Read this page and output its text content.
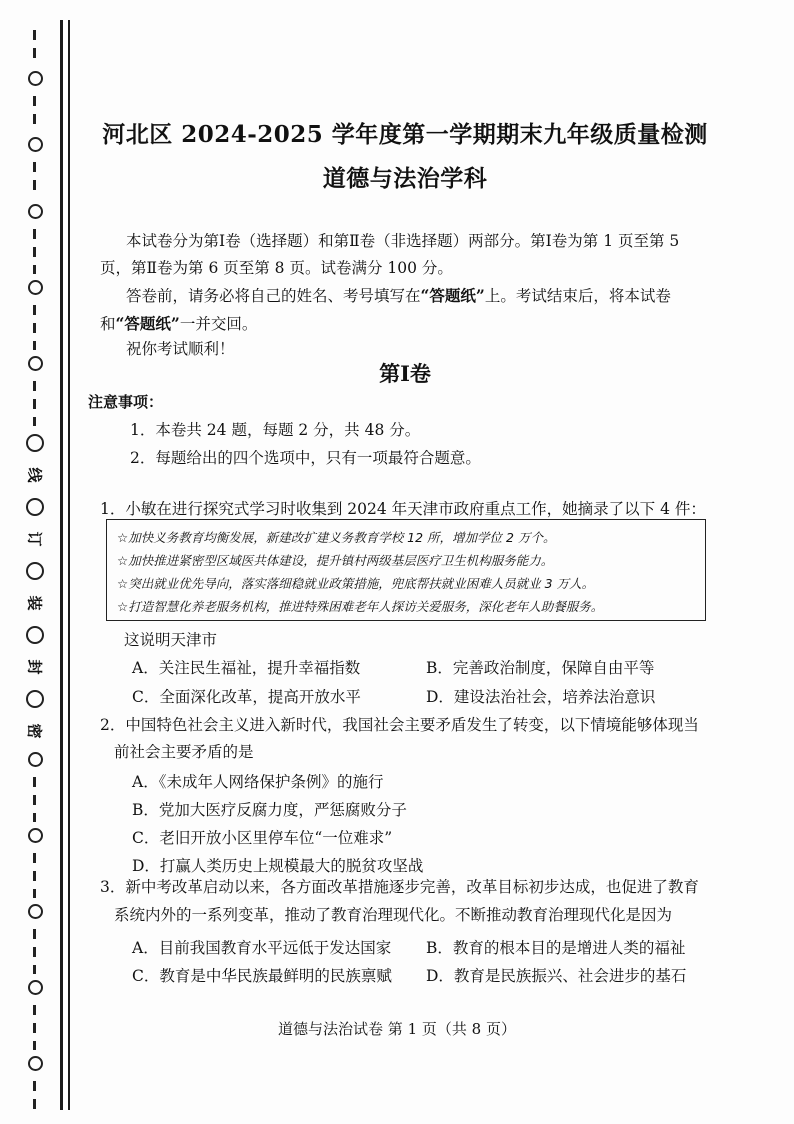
线
订
装
封
密
河北区 2024-2025 学年度第一学期期末九年级质量检测
道德与法治学科

本试卷分为第Ⅰ卷（选择题）和第Ⅱ卷（非选择题）两部分。第Ⅰ卷为第 1 页至第 5 页，第Ⅱ卷为第 6 页至第 8 页。试卷满分 100 分。

答卷前，请务必将自己的姓名、考号填写在“答题纸”上。考试结束后，将本试卷和“答题纸”一并交回。

祝你考试顺利！

第Ⅰ卷
注意事项：
1．本卷共 24 题，每题 2 分，共 48 分。
2．每题给出的四个选项中，只有一项最符合题意。
1．小敏在进行探究式学习时收集到 2024 年天津市政府重点工作，她摘录了以下 4 件：
☆加快义务教育均衡发展，新建改扩建义务教育学校 12 所，增加学位 2 万个。
☆加快推进紧密型区域医共体建设，提升镇村两级基层医疗卫生机构服务能力。
☆突出就业优先导向，落实落细稳就业政策措施，兜底帮扶就业困难人员就业 3 万人。
☆打造智慧化养老服务机构，推进特殊困难老年人探访关爱服务，深化老年人助餐服务。
这说明天津市
A．关注民生福祉，提升幸福指数	B．完善政治制度，保障自由平等
C．全面深化改革，提高开放水平	D．建设法治社会，培养法治意识
2．中国特色社会主义进入新时代，我国社会主要矛盾发生了转变，以下情境能够体现当
前社会主要矛盾的是
A．《未成年人网络保护条例》的施行
B．党加大医疗反腐力度，严惩腐败分子
C．老旧开放小区里停车位“一位难求”
D．打赢人类历史上规模最大的脱贫攻坚战
3．新中考改革启动以来，各方面改革措施逐步完善，改革目标初步达成，也促进了教育
系统内外的一系列变革，推动了教育治理现代化。不断推动教育治理现代化是因为
A．目前我国教育水平远低于发达国家 B．教育的根本目的是增进人类的福祉
C．教育是中华民族最鲜明的民族禀赋 D．教育是民族振兴、社会进步的基石
道德与法治试卷 第 1 页（共 8 页）
